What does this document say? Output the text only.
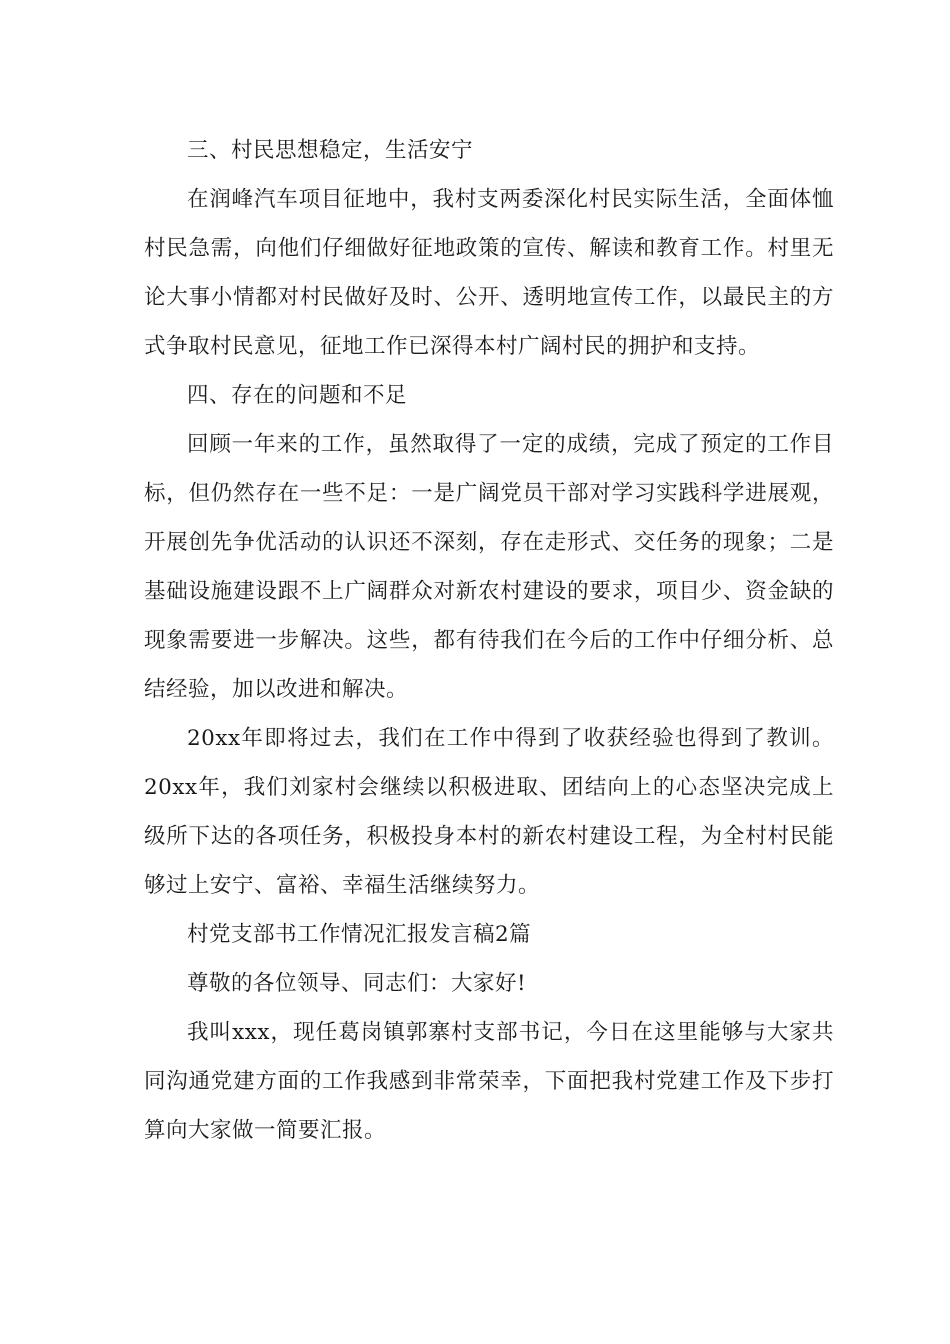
三、村民思想稳定，生活安宁

在润峰汽车项目征地中，我村支两委深化村民实际生活，全面体恤村民急需，向他们仔细做好征地政策的宣传、解读和教育工作。村里无论大事小情都对村民做好及时、公开、透明地宣传工作，以最民主的方式争取村民意见，征地工作已深得本村广阔村民的拥护和支持。

四、存在的问题和不足

回顾一年来的工作，虽然取得了一定的成绩，完成了预定的工作目标，但仍然存在一些不足：一是广阔党员干部对学习实践科学进展观，开展创先争优活动的认识还不深刻，存在走形式、交任务的现象；二是基础设施建设跟不上广阔群众对新农村建设的要求，项目少、资金缺的现象需要进一步解决。这些，都有待我们在今后的工作中仔细分析、总结经验，加以改进和解决。

20xx年即将过去，我们在工作中得到了收获经验也得到了教训。20xx年，我们刘家村会继续以积极进取、团结向上的心态坚决完成上级所下达的各项任务，积极投身本村的新农村建设工程，为全村村民能够过上安宁、富裕、幸福生活继续努力。

村党支部书工作情况汇报发言稿2篇

尊敬的各位领导、同志们：大家好!

我叫xxx，现任葛岗镇郭寨村支部书记，今日在这里能够与大家共同沟通党建方面的工作我感到非常荣幸，下面把我村党建工作及下步打算向大家做一简要汇报。
